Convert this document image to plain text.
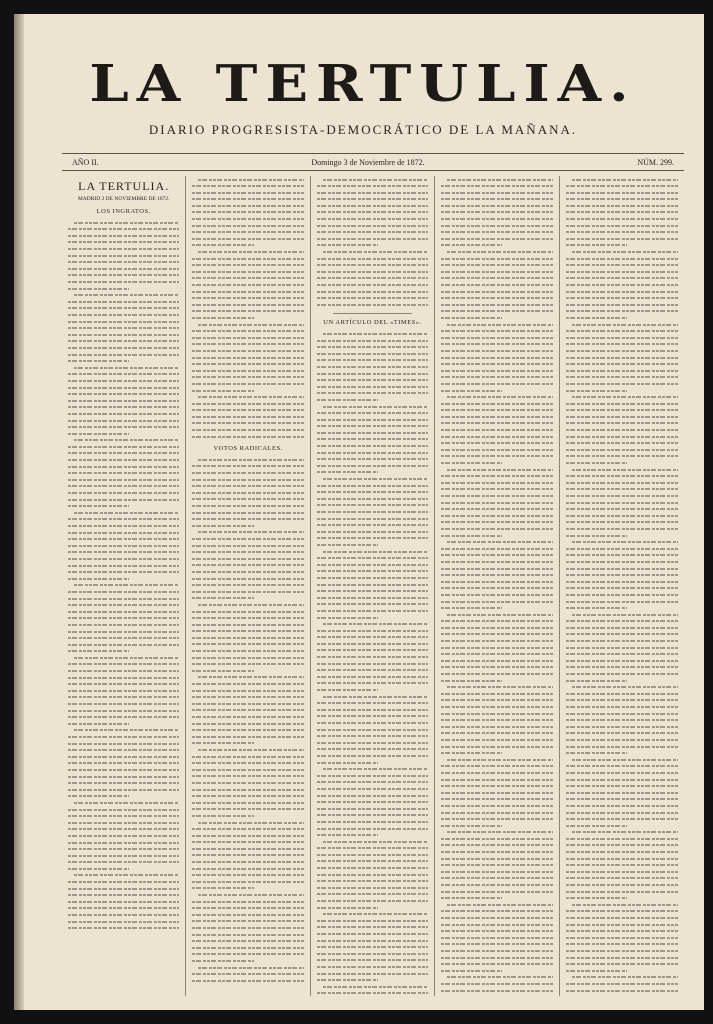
LA TERTULIA.
DIARIO PROGRESISTA-DEMOCRÁTICO DE LA MAÑANA.
AÑO II.	Domingo 3 de Noviembre de 1872.	NÚM. 299.
LA TERTULIA.
MADRID 3 DE NOVIEMBRE DE 1872.
LOS INGRATOS.
VOTOS RADICALES.
UN ARTÍCULO DEL «TIMES».
